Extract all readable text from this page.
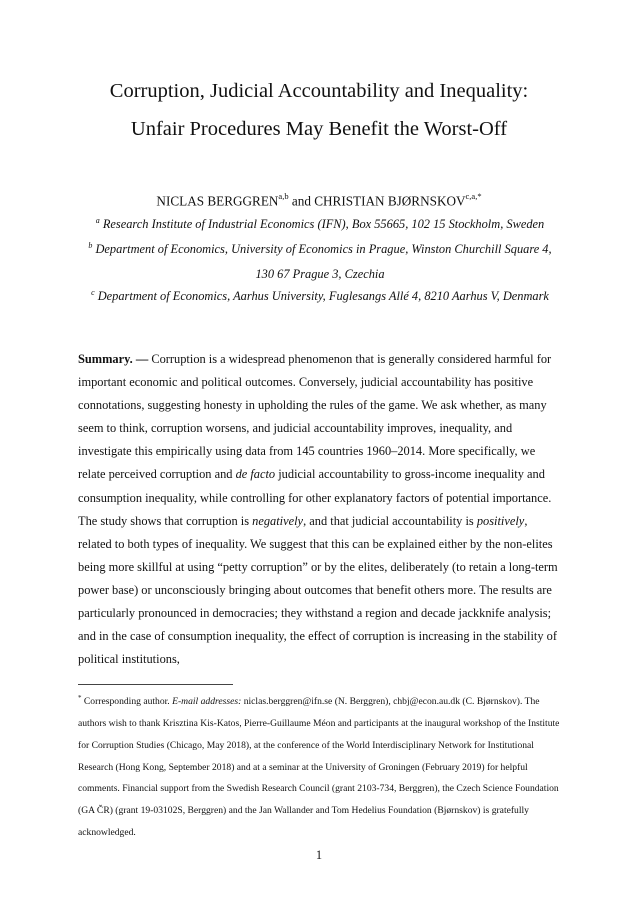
Corruption, Judicial Accountability and Inequality:
Unfair Procedures May Benefit the Worst-Off
NICLAS BERGGREN$^{a,b}$ and CHRISTIAN $BJØRNSKOV^{c,a,*}$
$^a$ Research Institute of Industrial Economics (IFN), Box 55665, 102 15 Stockholm, Sweden
$^b$ Department of Economics, University of Economics in Prague, Winston Churchill Square 4, 130 67 Prague 3, Czechia
$^c$ Department of Economics, Aarhus University, Fuglesangs Allé 4, 8210 Aarhus V, Denmark
Summary. — Corruption is a widespread phenomenon that is generally considered harmful for important economic and political outcomes. Conversely, judicial accountability has positive connotations, suggesting honesty in upholding the rules of the game. We ask whether, as many seem to think, corruption worsens, and judicial accountability improves, inequality, and investigate this empirically using data from 145 countries 1960–2014. More specifically, we relate perceived corruption and de facto judicial accountability to gross-income inequality and consumption inequality, while controlling for other explanatory factors of potential importance. The study shows that corruption is negatively, and that judicial accountability is positively, related to both types of inequality. We suggest that this can be explained either by the non-elites being more skillful at using “petty corruption” or by the elites, deliberately (to retain a long-term power base) or unconsciously bringing about outcomes that benefit others more. The results are particularly pronounced in democracies; they withstand a region and decade jackknife analysis; and in the case of consumption inequality, the effect of corruption is increasing in the stability of political institutions,
* Corresponding author. E-mail addresses: niclas.berggren@ifn.se (N. Berggren), chbj@econ.au.dk (C. Bjørnskov). The authors wish to thank Krisztina Kis-Katos, Pierre-Guillaume Méon and participants at the inaugural workshop of the Institute for Corruption Studies (Chicago, May 2018), at the conference of the World Interdisciplinary Network for Institutional Research (Hong Kong, September 2018) and at a seminar at the University of Groningen (February 2019) for helpful comments. Financial support from the Swedish Research Council (grant 2103-734, Berggren), the Czech Science Foundation (GA ČR) (grant 19-03102S, Berggren) and the Jan Wallander and Tom Hedelius Foundation (Bjørnskov) is gratefully acknowledged.
1
